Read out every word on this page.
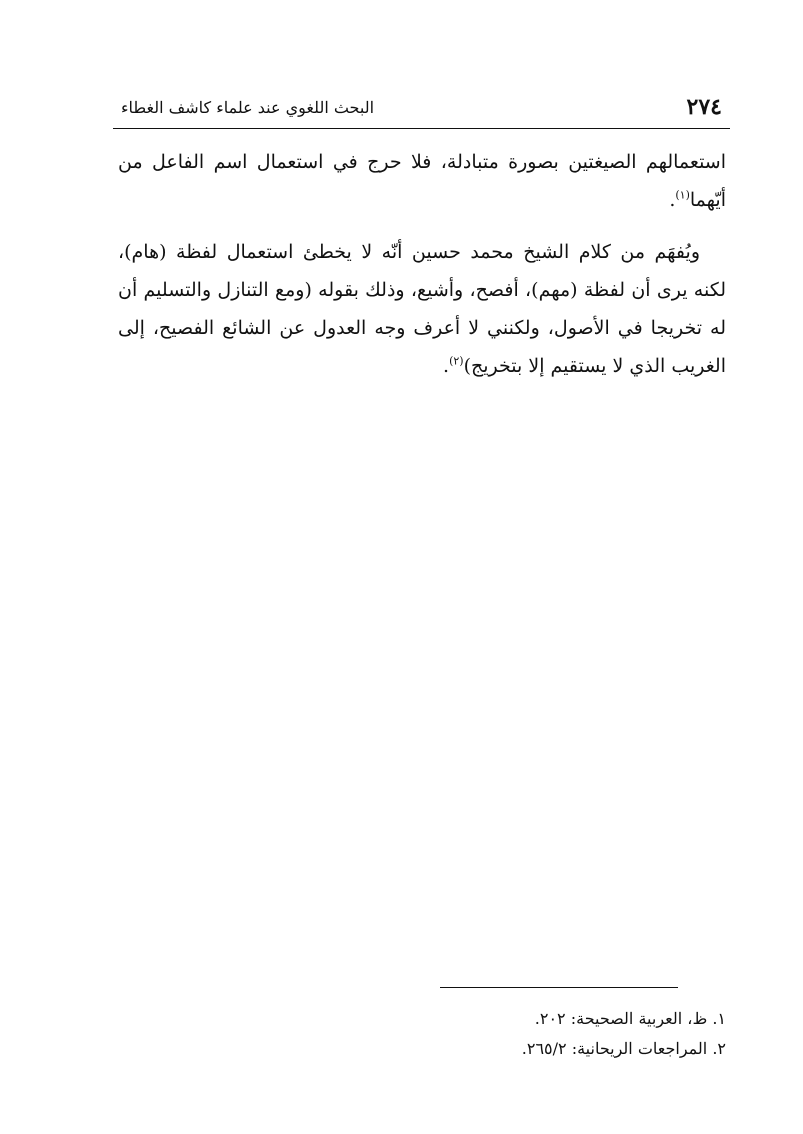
٢٧٤
البحث اللغوي عند علماء كاشف الغطاء

استعمالهم الصيغتين بصورة متبادلة، فلا حرج في استعمال اسم الفاعل من أيّهما$^{(١)}$.

ويُفهَم من كلام الشيخ محمد حسين أنّه لا يخطئ استعمال لفظة (هام)، لكنه يرى أن لفظة (مهم)، أفصح، وأشيع، وذلك بقوله (ومع التنازل والتسليم أن له تخريجا في الأصول، ولكنني لا أعرف وجه العدول عن الشائع الفصيح، إلى الغريب الذي لا يستقيم إلا بتخريج)$^{(٢)}$.

١. ظ، العربية الصحيحة: ٢٠٢.
٢. المراجعات الريحانية: ٢٦٥/٢.
